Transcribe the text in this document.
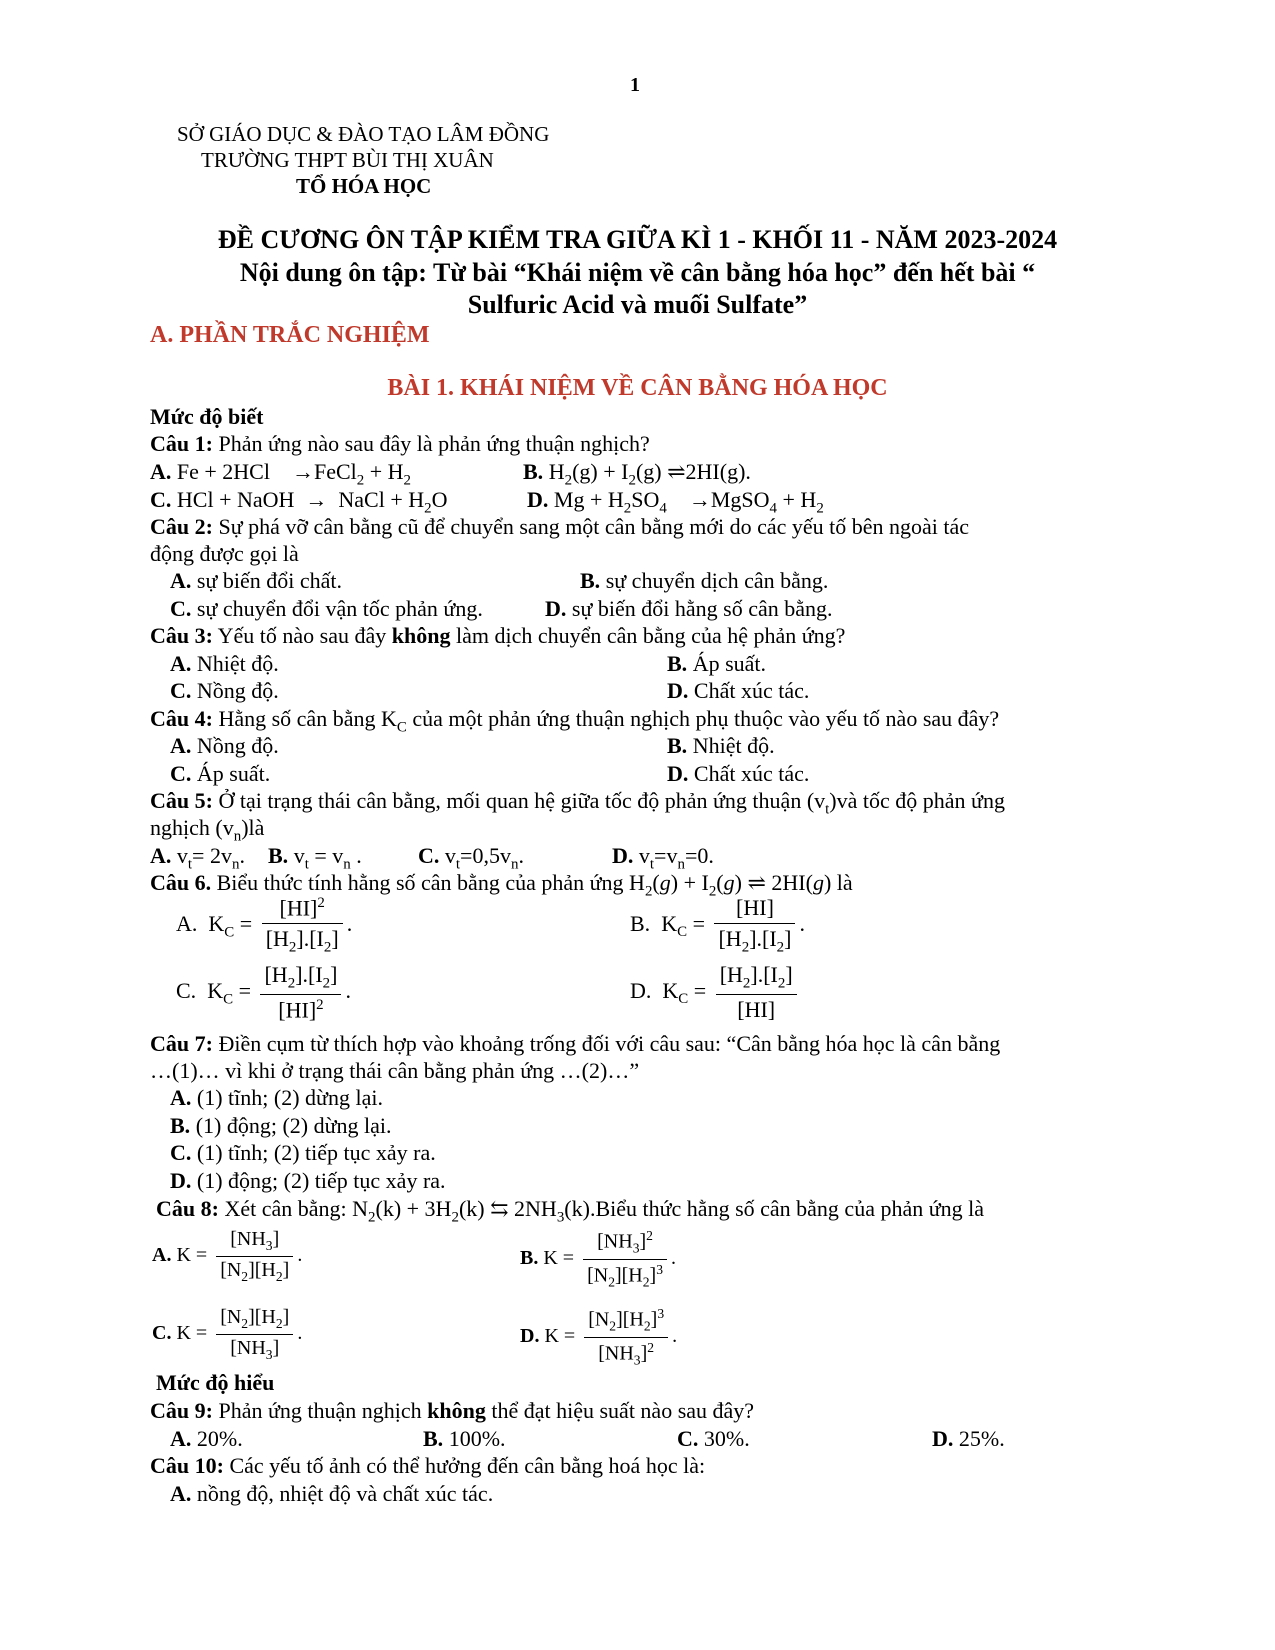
1
SỞ GIÁO DỤC & ĐÀO TẠO LÂM ĐỒNG
TRƯỜNG THPT BÙI THỊ XUÂN
TỔ HÓA HỌC
ĐỀ CƯƠNG ÔN TẬP KIỂM TRA GIỮA KÌ 1 - KHỐI 11 - NĂM 2023-2024
Nội dung ôn tập: Từ bài “Khái niệm về cân bằng hóa học” đến hết bài “
Sulfuric Acid và muối Sulfate”
A. PHẦN TRẮC NGHIỆM
BÀI 1. KHÁI NIỆM VỀ CÂN BẰNG HÓA HỌC
Mức độ biết
Câu 1: Phản ứng nào sau đây là phản ứng thuận nghịch?
A. Fe + 2HCl    →FeCl$_2$ + $H_2$	B. $H_2(g) + I_2(g)$ ⇌2HI(g).
C. HCl + NaOH  →  NaCl + $H_2O$	D. $Mg + H_2SO_4$    →MgSO$_4$ + $H_2$
Câu 2: Sự phá vỡ cân bằng cũ để chuyển sang một cân bằng mới do các yếu tố bên ngoài tác
động được gọi là
A. sự biến đổi chất.	B. sự chuyển dịch cân bằng.
C. sự chuyển đổi vận tốc phản ứng.	D. sự biến đổi hằng số cân bằng.
Câu 3: Yếu tố nào sau đây không làm dịch chuyển cân bằng của hệ phản ứng?
A. Nhiệt độ.	B. Áp suất.
C. Nồng độ.	D. Chất xúc tác.
Câu 4: Hằng số cân bằng $K_C$ của một phản ứng thuận nghịch phụ thuộc vào yếu tố nào sau đây?
A. Nồng độ.	B. Nhiệt độ.
C. Áp suất.	D. Chất xúc tác.
Câu 5: Ở tại trạng thái cân bằng, mối quan hệ giữa tốc độ phản ứng thuận $(v_t)và$ tốc độ phản ứng
nghịch $(v_n)là$
A. $v_t= 2v_n$. B. $v_t = v_n$ .	C. $v_t=0,5v_n$.	D. $v_t=v_n=0$.
Câu 6. Biểu thức tính hằng số cân bằng của phản ứng $H_2(g) + I_2(g)$ ⇌ 2HI(g) là
A.  $K_C = \frac{[HI]^2}{[H_2].[I_2]}$ .	B.  $K_C = \frac{[HI]}{[H_2].[I_2]}$ .
C.  $K_C = \frac{[H_2].[I_2]}{[HI]^2}$ .	D.  $K_C = \frac{[H_2].[I_2]}{[HI]}$
Câu 7: Điền cụm từ thích hợp vào khoảng trống đối với câu sau: “Cân bằng hóa học là cân bằng
…(1)… vì khi ở trạng thái cân bằng phản ứng …(2)…”
A. (1) tĩnh; (2) dừng lại.
B. (1) động; (2) dừng lại.
C. (1) tĩnh; (2) tiếp tục xảy ra.
D. (1) động; (2) tiếp tục xảy ra.
Câu 8: Xét cân bằng: $N_2(k) + 3H_2(k)$ ⇆ $2NH_3(k).Biểu$ thức hằng số cân bằng của phản ứng là
A. $K = \frac{[NH_3]}{[N_2][H_2]}$ .	B. $K = \frac{[NH_3]^2}{[N_2][H_2]^3}$ .
C. $K = \frac{[N_2][H_2]}{[NH_3]}$ .	D. $K = \frac{[N_2][H_2]^3}{[NH_3]^2}$ .
Mức độ hiểu
Câu 9: Phản ứng thuận nghịch không thể đạt hiệu suất nào sau đây?
A. 20%.	B. 100%.	C. 30%.	D. 25%.
Câu 10: Các yếu tố ảnh có thể hưởng đến cân bằng hoá học là:
A. nồng độ, nhiệt độ và chất xúc tác.
